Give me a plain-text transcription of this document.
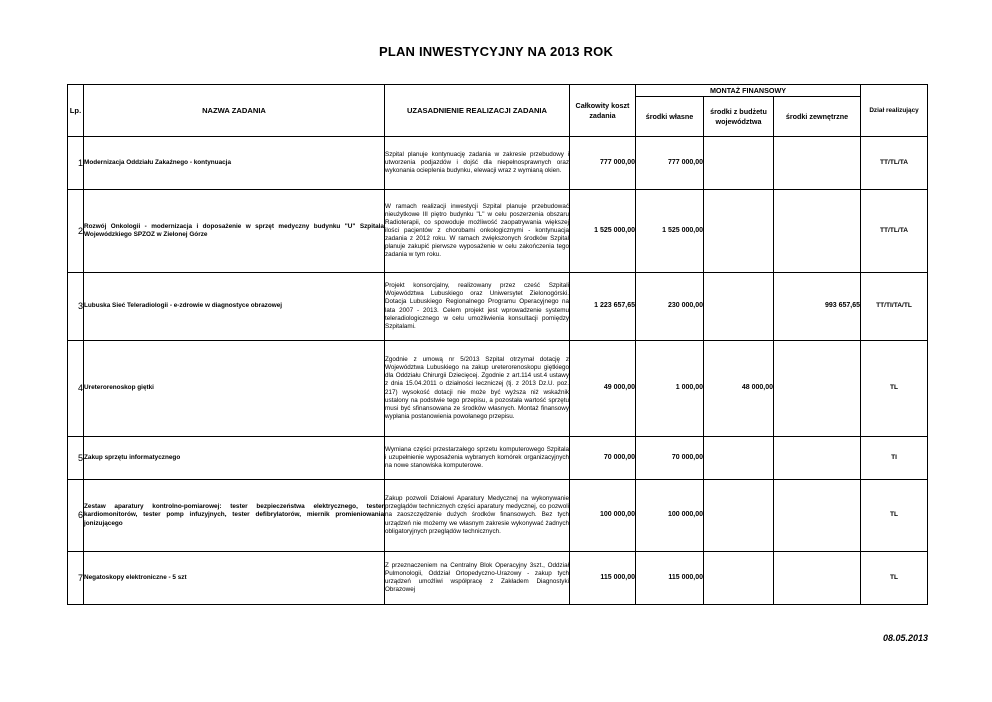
PLAN INWESTYCYJNY NA 2013 ROK
Lp.	NAZWA ZADANIA	UZASADNIENIE REALIZACJI ZADANIA	Całkowity koszt zadania	MONTAŻ FINANSOWY			Dział realizujący
				środki własne	środki z budżetu województwa	środki zewnętrzne	
1	Modernizacja Oddziału Zakaźnego - kontynuacja	Szpital planuje kontynuację zadania w zakresie przebudowy i utworzenia podjazdów i dojść dla niepełnosprawnych oraz wykonania ocieplenia budynku, elewacji wraz z wymianą okien.	777 000,00	777 000,00			TT/TL/TA
2	Rozwój Onkologii - modernizacja i doposażenie w sprzęt medyczny budynku "U" Szpitala Wojewódzkiego SPZOZ w Zielonej Górze	W ramach realizacji inwestycji Szpital planuje przebudować nieużytkowe III piętro budynku "L" w celu poszerzenia obszaru Radioterapii, co spowoduje możliwość zaopatrywania większej ilości pacjentów z chorobami onkologicznymi - kontynuacja zadania z 2012 roku. W ramach zwiększonych środków Szpital planuje zakupić pierwsze wyposażenie w celu zakończenia tego zadania w tym roku.	1 525 000,00	1 525 000,00			TT/TL/TA
3	Lubuska Sieć Teleradiologii - e-zdrowie w diagnostyce obrazowej	Projekt konsorcjalny, realizowany przez cześć Szpitali Województwa Lubuskiego oraz Uniwersytet Zielonogórski. Dotacja Lubuskiego Regionalnego Programu Operacyjnego na lata 2007 - 2013. Celem projekt jest wprowadzenie systemu teleradiologicznego w celu umożliwienia konsultacji pomiędzy Szpitalami.	1 223 657,65	230 000,00		993 657,65	TT/TI/TA/TL
4	Ureterorenoskop giętki	Zgodnie z umową nr 5/2013 Szpital otrzymał dotację z Województwa Lubuskiego na zakup ureterorenoskopu giętkiego dla Oddziału Chirurgii Dziecięcej. Zgodnie z art.114 ust.4 ustawy z dnia 15.04.2011 o działności leczniczej (tj. z 2013 Dz.U. poz. 217) wysokość dotacji nie może być wyższa niż wskaźnik ustalony na podstwie tego przepisu, a pozostała wartość sprzętu musi być sfinansowana ze środków własnych. Montaż finansowy wypłania postanowienia powołanego przepisu.	49 000,00	1 000,00	48 000,00		TL
5	Zakup sprzętu informatycznego	Wymiana części przestarzałego sprzetu komputerowego Szpitala i uzupełnienie wyposażenia wybranych komórek organizacyjnych na nowe stanowiska komputerowe.	70 000,00	70 000,00			TI
6	Zestaw aparatury kontrolno-pomiarowej: tester bezpieczeństwa elektrycznego, tester kardiomonitorów, tester pomp infuzyjnych, tester defibrylatorów, miernik promieniowania jonizującego	Zakup pozwoli Działowi Aparatury Medycznej na wykonywanie przeglądów technicznych części aparatury medycznej, co pozwoli na zaoszczędzenie dużych środków finansowych. Bez tych urządzeń nie możemy we własnym zakresie wykonywać żadnych obligatoryjnych przeglądów technicznych.	100 000,00	100 000,00			TL
7	Negatoskopy elektroniczne - 5 szt	Z przeznaczeniem na Centralny Blok Operacyjny 3szt., Oddział Pulmonologii, Oddział Ortopedyczno-Urazowy - zakup tych urządzeń umożliwi współpracę z Zakładem Diagnostyki Obrazowej	115 000,00	115 000,00			TL
08.05.2013
